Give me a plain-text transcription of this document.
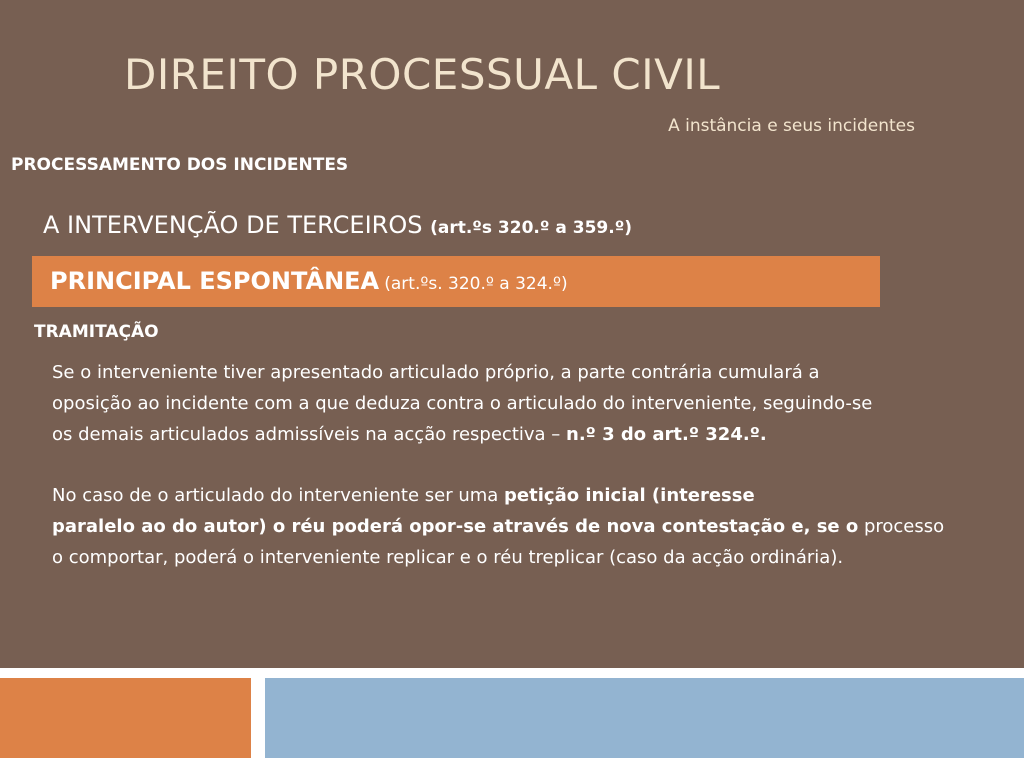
DIREITO PROCESSUAL CIVIL
A instância e seus incidentes
PROCESSAMENTO DOS INCIDENTES
A INTERVENÇÃO DE TERCEIROS (art.ºs 320.º a 359.º)
PRINCIPAL ESPONTÂNEA (art.ºs. 320.º a 324.º)
TRAMITAÇÃO
Se o interveniente tiver apresentado articulado próprio, a parte contrária cumulará a
oposição ao incidente com a que deduza contra o articulado do interveniente, seguindo-se
os demais articulados admissíveis na acção respectiva – n.º 3 do art.º 324.º.
No caso de o articulado do interveniente ser uma petição inicial (interesse
paralelo ao do autor) o réu poderá opor-se através de nova contestação e, se o processo
o comportar, poderá o interveniente replicar e o réu treplicar (caso da acção ordinária).
